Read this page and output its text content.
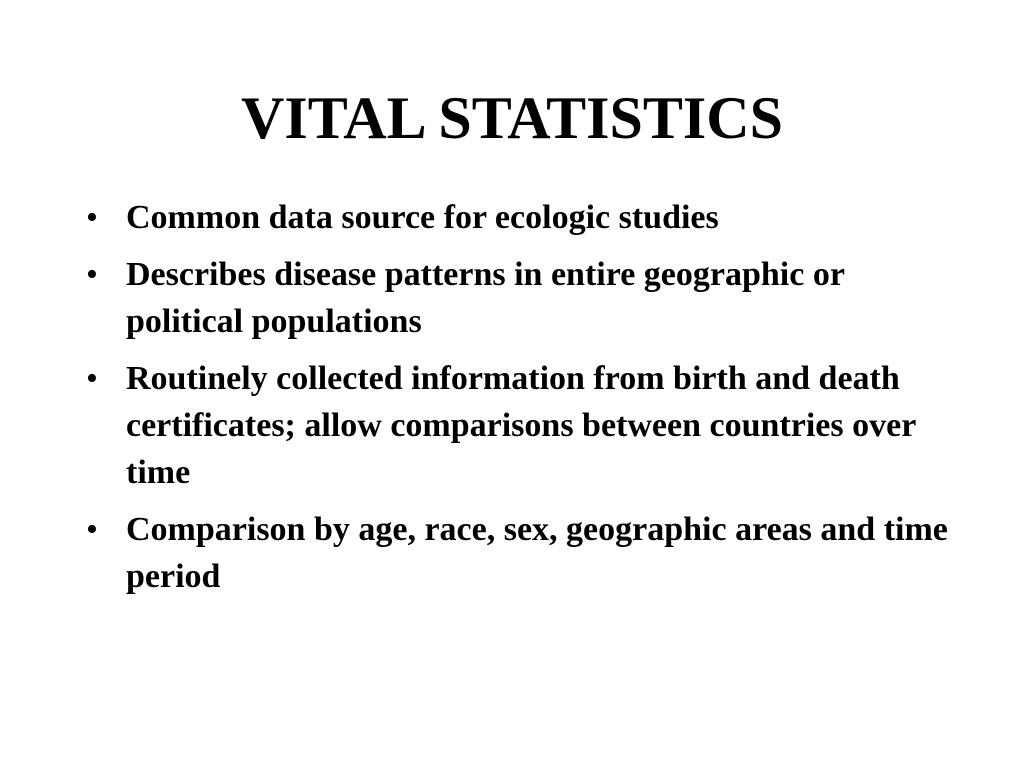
VITAL STATISTICS
• Common data source for ecologic studies
• Describes disease patterns in entire geographic or political populations
• Routinely collected information from birth and death certificates; allow comparisons between countries over time
• Comparison by age, race, sex, geographic areas and time period
